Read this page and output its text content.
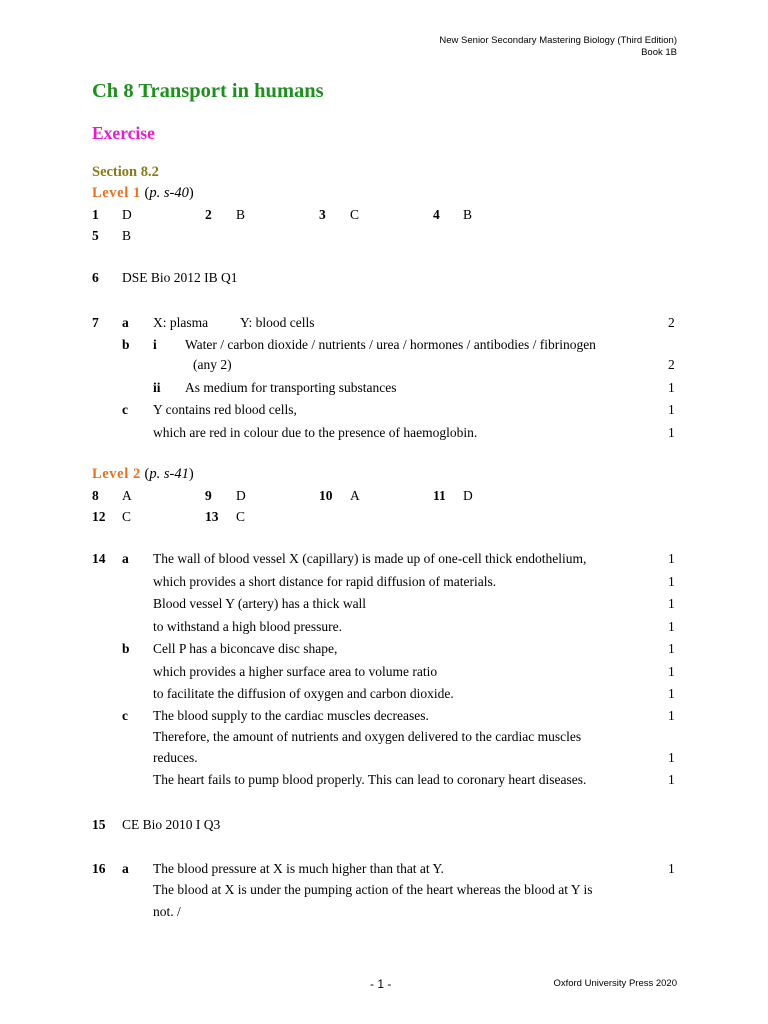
New Senior Secondary Mastering Biology (Third Edition)
Book 1B
Ch 8 Transport in humans
Exercise
Section 8.2
Level 1 (p. s-40)
1 D	2 B	3 C	4 B
5 B
6 DSE Bio 2012 IB Q1
7 a X: plasma Y: blood cells	2
b i Water / carbon dioxide / nutrients / urea / hormones / antibodies / fibrinogen
(any 2)	2
ii As medium for transporting substances	1
c Y contains red blood cells,	1
which are red in colour due to the presence of haemoglobin.	1
Level 2 (p. s-41)
8 A	9 D	10 A	11 D
12 C	13 C
14 a The wall of blood vessel X (capillary) is made up of one-cell thick endothelium,	1
which provides a short distance for rapid diffusion of materials.	1
Blood vessel Y (artery) has a thick wall	1
to withstand a high blood pressure.	1
b Cell P has a biconcave disc shape,	1
which provides a higher surface area to volume ratio	1
to facilitate the diffusion of oxygen and carbon dioxide.	1
c The blood supply to the cardiac muscles decreases.	1
Therefore, the amount of nutrients and oxygen delivered to the cardiac muscles
reduces.	1
The heart fails to pump blood properly. This can lead to coronary heart diseases.	1
15 CE Bio 2010 I Q3
16 a The blood pressure at X is much higher than that at Y.	1
The blood at X is under the pumping action of the heart whereas the blood at Y is
not. /
- 1 -	Oxford University Press 2020
